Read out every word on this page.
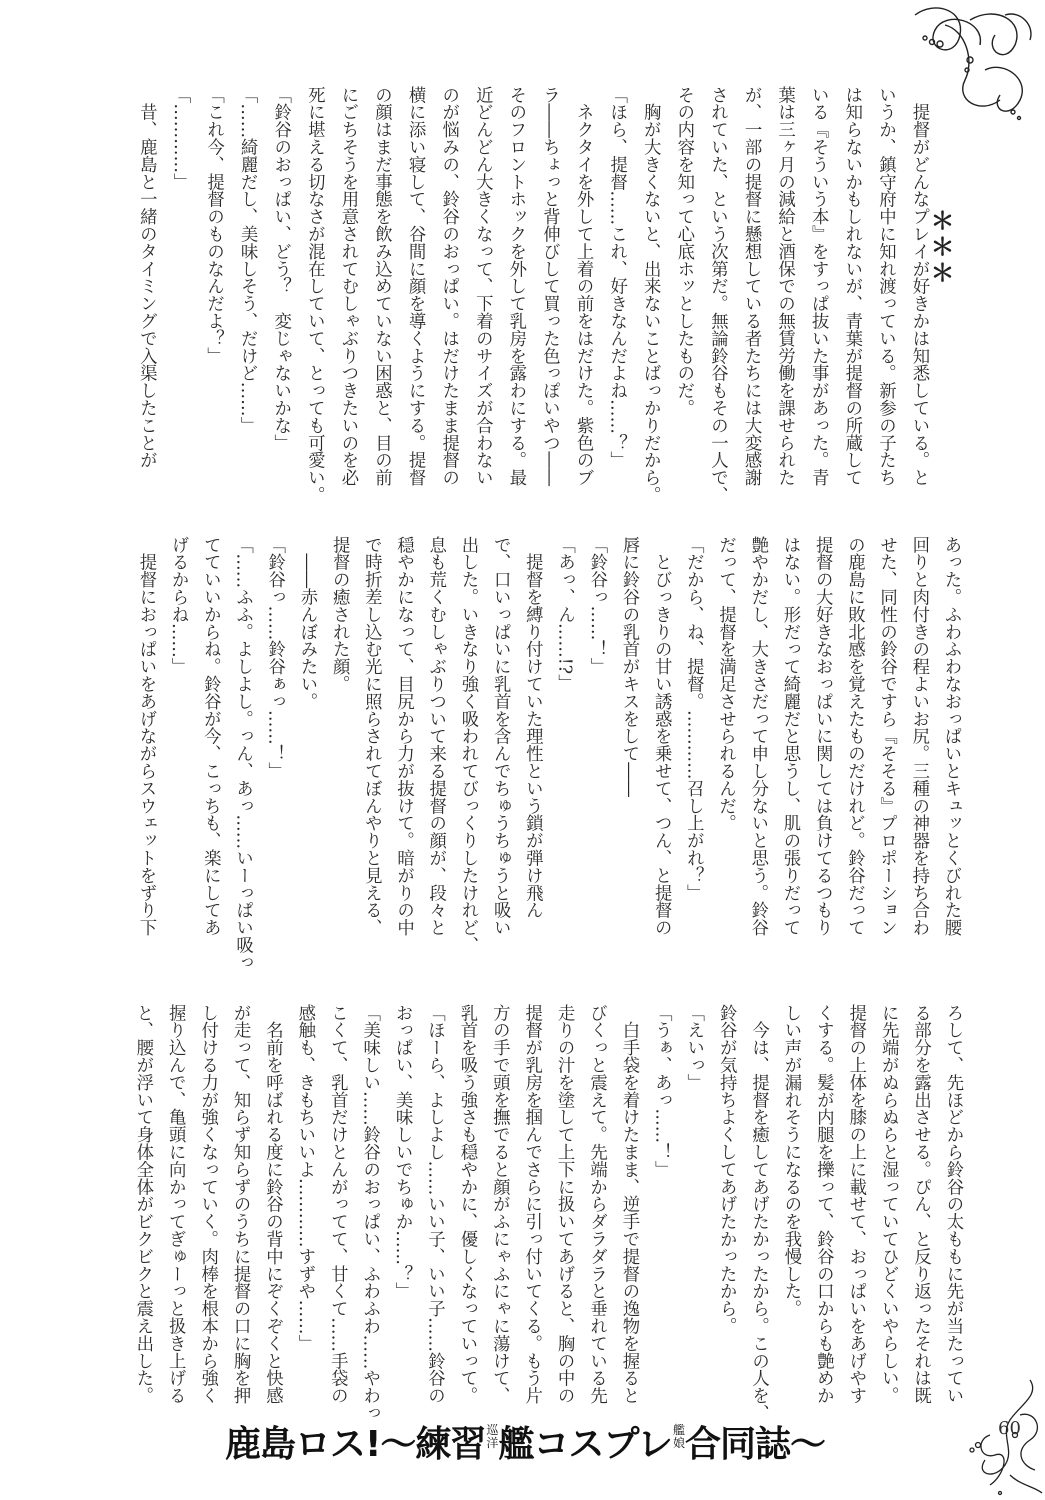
＊＊＊
　提督がどんなプレイが好きかは知悉している。と
いうか、鎮守府中に知れ渡っている。新参の子たち
は知らないかもしれないが、青葉が提督の所蔵して
いる『そういう本』をすっぱ抜いた事があった。青
葉は三ヶ月の減給と酒保での無賃労働を課せられた
が、一部の提督に懸想している者たちには大変感謝
されていた、という次第だ。無論鈴谷もその一人で、
その内容を知って心底ホッとしたものだ。
　胸が大きくないと、出来ないことばっかりだから。
「ほら、提督……これ、好きなんだよね……？」
　ネクタイを外して上着の前をはだけた。紫色のブ
ラ――ちょっと背伸びして買った色っぽいやつ――
そのフロントホックを外して乳房を露わにする。最
近どんどん大きくなって、下着のサイズが合わない
のが悩みの、鈴谷のおっぱい。はだけたまま提督の
横に添い寝して、谷間に顔を導くようにする。提督
の顔はまだ事態を飲み込めていない困惑と、目の前
にごちそうを用意されてむしゃぶりつきたいのを必
死に堪える切なさが混在していて、とっても可愛い。
「鈴谷のおっぱい、どう？　変じゃないかな」
「……綺麗だし、美味しそう、だけど……」
「これ今、提督のものなんだよ？」
「…………」
　昔、鹿島と一緒のタイミングで入渠したことが
あった。ふわふわなおっぱいとキュッとくびれた腰
回りと肉付きの程よいお尻。三種の神器を持ち合わ
せた、同性の鈴谷ですら『そそる』プロポーション
の鹿島に敗北感を覚えたものだけれど。鈴谷だって
提督の大好きなおっぱいに関しては負けてるつもり
はない。形だって綺麗だと思うし、肌の張りだって
艶やかだし、大きさだって申し分ないと思う。鈴谷
だって、提督を満足させられるんだ。
「だから、ね、提督。…………召し上がれ？」
　とびっきりの甘い誘惑を乗せて、つん、と提督の
唇に鈴谷の乳首がキスをして――
「鈴谷っ……！」
「あっ、ん……!?」
　提督を縛り付けていた理性という鎖が弾け飛ん
で、口いっぱいに乳首を含んでちゅうちゅうと吸い
出した。いきなり強く吸われてびっくりしたけれど、
息も荒くむしゃぶりついて来る提督の顔が、段々と
穏やかになって、目尻から力が抜けて。暗がりの中
で時折差し込む光に照らされてぼんやりと見える、
提督の癒された顔。
　――赤んぼみたい。
「鈴谷っ……鈴谷ぁっ……！」
「……ふふ。よしよし。っん、あっ……いーっぱい吸っ
てていいからね。鈴谷が今、こっちも、楽にしてあ
げるからね……」
　提督におっぱいをあげながらスウェットをずり下
ろして、先ほどから鈴谷の太ももに先が当たってい
る部分を露出させる。ぴん、と反り返ったそれは既
に先端がぬらぬらと湿っていてひどくいやらしい。
提督の上体を膝の上に載せて、おっぱいをあげやす
くする。髪が内腿を擽って、鈴谷の口からも艶めか
しい声が漏れそうになるのを我慢した。
　今は、提督を癒してあげたかったから。この人を、
鈴谷が気持ちよくしてあげたかったから。
「えいっ」
「うぁ、あっ……！」
　白手袋を着けたまま、逆手で提督の逸物を握ると
びくっと震えて。先端からダラダラと垂れている先
走りの汁を塗して上下に扱いてあげると、胸の中の
提督が乳房を掴んでさらに引っ付いてくる。もう片
方の手で頭を撫でると顔がふにゃふにゃに蕩けて、
乳首を吸う強さも穏やかに、優しくなっていって。
「ほーら、よしよし……いい子、いい子……鈴谷の
おっぱい、美味しいでちゅか……？」
「美味しい……鈴谷のおっぱい、ふわふわ……やわっ
こくて、乳首だけとんがってて、甘くて……手袋の
感触も、きもちいいよ…………すずや……」
　名前を呼ばれる度に鈴谷の背中にぞくぞくと快感
が走って、知らず知らずのうちに提督の口に胸を押
し付ける力が強くなっていく。肉棒を根本から強く
握り込んで、亀頭に向かってぎゅーっと扱き上げる
と、腰が浮いて身体全体がビクビクと震え出した。
鹿島ロス!～練習 巡
洋 艦コスプレ 艦
娘 合同誌～	60
